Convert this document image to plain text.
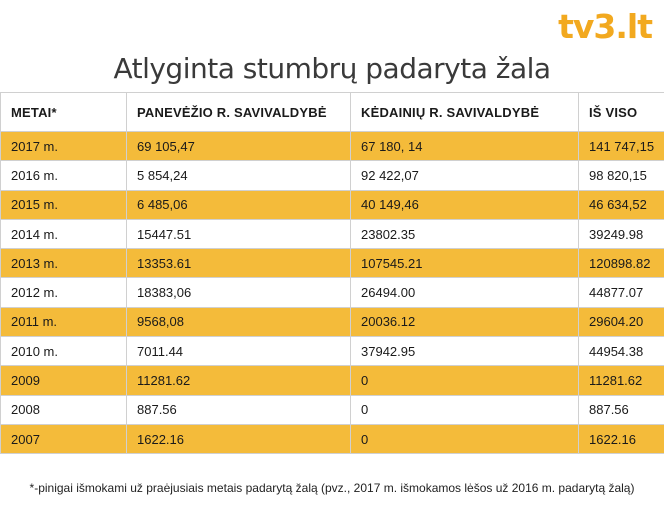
tv3.lt
Atlyginta stumbrų padaryta žala
METAI*	PANEVĖŽIO R. SAVIVALDYBĖ	KĖDAINIŲ R. SAVIVALDYBĖ	IŠ VISO
2017 m.	69 105,47	67 180, 14	141 747,15
2016 m.	5 854,24	92 422,07	98 820,15
2015 m.	6 485,06	40 149,46	46 634,52
2014 m.	15447.51	23802.35	39249.98
2013 m.	13353.61	107545.21	120898.82
2012 m.	18383,06	26494.00	44877.07
2011 m.	9568,08	20036.12	29604.20
2010 m.	7011.44	37942.95	44954.38
2009	11281.62	0	11281.62
2008	887.56	0	887.56
2007	1622.16	0	1622.16
*-pinigai išmokami už praėjusiais metais padarytą žalą (pvz., 2017 m. išmokamos lėšos už 2016 m. padarytą žalą)
